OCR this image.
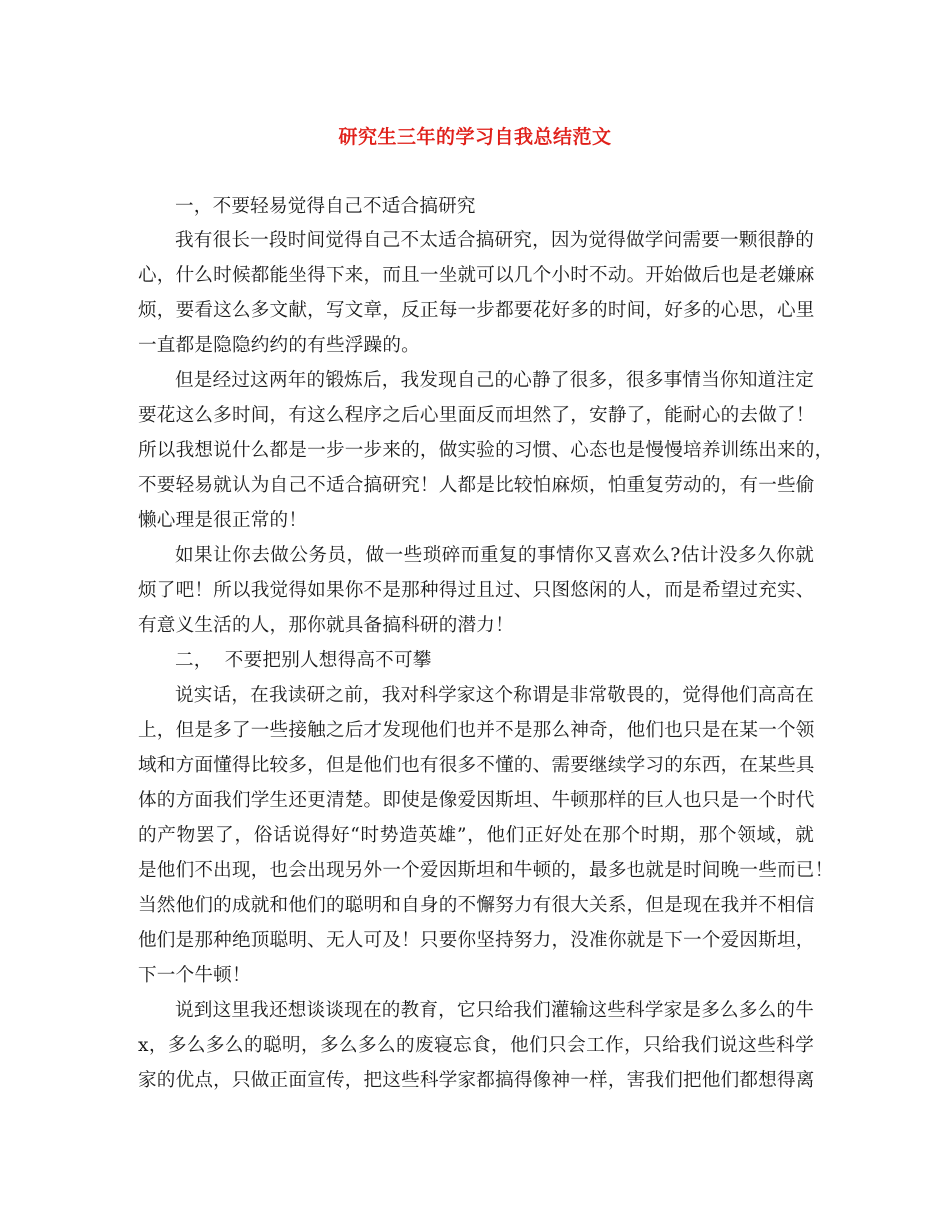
研究生三年的学习自我总结范文
一，不要轻易觉得自己不适合搞研究
我有很长一段时间觉得自己不太适合搞研究，因为觉得做学问需要一颗很静的
心，什么时候都能坐得下来，而且一坐就可以几个小时不动。开始做后也是老嫌麻
烦，要看这么多文献，写文章，反正每一步都要花好多的时间，好多的心思，心里
一直都是隐隐约约的有些浮躁的。
但是经过这两年的锻炼后，我发现自己的心静了很多，很多事情当你知道注定
要花这么多时间，有这么程序之后心里面反而坦然了，安静了，能耐心的去做了！
所以我想说什么都是一步一步来的，做实验的习惯、心态也是慢慢培养训练出来的，
不要轻易就认为自己不适合搞研究！人都是比较怕麻烦，怕重复劳动的，有一些偷
懒心理是很正常的！
如果让你去做公务员，做一些琐碎而重复的事情你又喜欢么?估计没多久你就
烦了吧！所以我觉得如果你不是那种得过且过、只图悠闲的人，而是希望过充实、
有意义生活的人，那你就具备搞科研的潜力！
二，  不要把别人想得高不可攀
说实话，在我读研之前，我对科学家这个称谓是非常敬畏的，觉得他们高高在
上，但是多了一些接触之后才发现他们也并不是那么神奇，他们也只是在某一个领
域和方面懂得比较多，但是他们也有很多不懂的、需要继续学习的东西，在某些具
体的方面我们学生还更清楚。即使是像爱因斯坦、牛顿那样的巨人也只是一个时代
的产物罢了，俗话说得好“时势造英雄”，他们正好处在那个时期，那个领域，就
是他们不出现，也会出现另外一个爱因斯坦和牛顿的，最多也就是时间晚一些而已！
当然他们的成就和他们的聪明和自身的不懈努力有很大关系，但是现在我并不相信
他们是那种绝顶聪明、无人可及！只要你坚持努力，没准你就是下一个爱因斯坦，
下一个牛顿！
说到这里我还想谈谈现在的教育，它只给我们灌输这些科学家是多么多么的牛
x，多么多么的聪明，多么多么的废寝忘食，他们只会工作，只给我们说这些科学
家的优点，只做正面宣传，把这些科学家都搞得像神一样，害我们把他们都想得离
